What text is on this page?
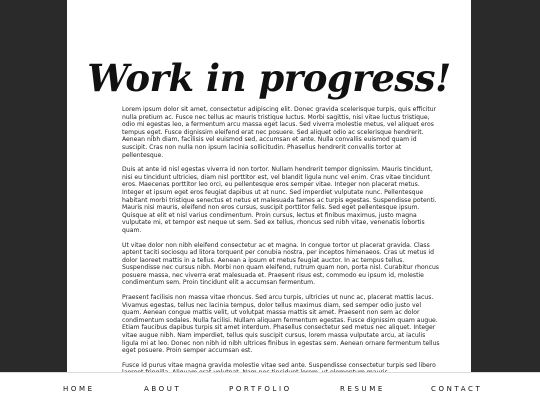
Work in progress!

Lorem ipsum dolor sit amet, consectetur adipiscing elit. Donec gravida scelerisque turpis, quis efficitur nulla pretium ac. Fusce nec tellus ac mauris tristique luctus. Morbi sagittis, nisi vitae luctus tristique, odio mi egestas leo, a fermentum arcu massa eget lacus. Sed viverra molestie metus, vel aliquet eros tempus eget. Fusce dignissim eleifend erat nec posuere. Sed aliquet odio ac scelerisque hendrerit. Aenean nibh diam, facilisis vel euismod sed, accumsan et ante. Nulla convallis euismod quam id suscipit. Cras non nulla non ipsum lacinia sollicitudin. Phasellus hendrerit convallis tortor at pellentesque.

Duis at ante id nisl egestas viverra id non tortor. Nullam hendrerit tempor dignissim. Mauris tincidunt, nisi eu tincidunt ultricies, diam nisl porttitor est, vel blandit ligula nunc vel enim. Cras vitae tincidunt eros. Maecenas porttitor leo orci, eu pellentesque eros semper vitae. Integer non placerat metus. Integer et ipsum eget eros feugiat dapibus ut at nunc. Sed imperdiet vulputate nunc. Pellentesque habitant morbi tristique senectus et netus et malesuada fames ac turpis egestas. Suspendisse potenti. Mauris nisi mauris, eleifend non eros cursus, suscipit porttitor felis. Sed eget pellentesque ipsum. Quisque at elit et nisl varius condimentum. Proin cursus, lectus et finibus maximus, justo magna vulputate mi, et tempor est neque ut sem. Sed ex tellus, rhoncus sed nibh vitae, venenatis lobortis quam.

Ut vitae dolor non nibh eleifend consectetur ac et magna. In congue tortor ut placerat gravida. Class aptent taciti sociosqu ad litora torquent per conubia nostra, per inceptos himenaeos. Cras ut metus id dolor laoreet mattis in a tellus. Aenean a ipsum et metus feugiat auctor. In ac tempus tellus. Suspendisse nec cursus nibh. Morbi non quam eleifend, rutrum quam non, porta nisl. Curabitur rhoncus posuere massa, nec viverra erat malesuada et. Praesent risus est, commodo eu ipsum id, molestie condimentum sem. Proin tincidunt elit a accumsan fermentum.

Praesent facilisis non massa vitae rhoncus. Sed arcu turpis, ultricies ut nunc ac, placerat mattis lacus. Vivamus egestas, tellus nec lacinia tempus, dolor tellus maximus diam, sed semper odio justo vel quam. Aenean congue mattis velit, ut volutpat massa mattis sit amet. Praesent non sem ac dolor condimentum sodales. Nulla facilisi. Nullam aliquam fermentum egestas. Fusce dignissim quam augue. Etiam faucibus dapibus turpis sit amet interdum. Phasellus consectetur sed metus nec aliquet. Integer vitae augue nibh. Nam imperdiet, tellus quis suscipit cursus, lorem massa vulputate arcu, at iaculis ligula mi at leo. Donec non nibh id nibh ultrices finibus in egestas sem. Aenean ornare fermentum tellus eget posuere. Proin semper accumsan est.

Fusce id purus vitae magna gravida molestie vitae sed ante. Suspendisse consectetur turpis sed libero

HOME	ABOUT	PORTFOLIO	RESUME	CONTACT
